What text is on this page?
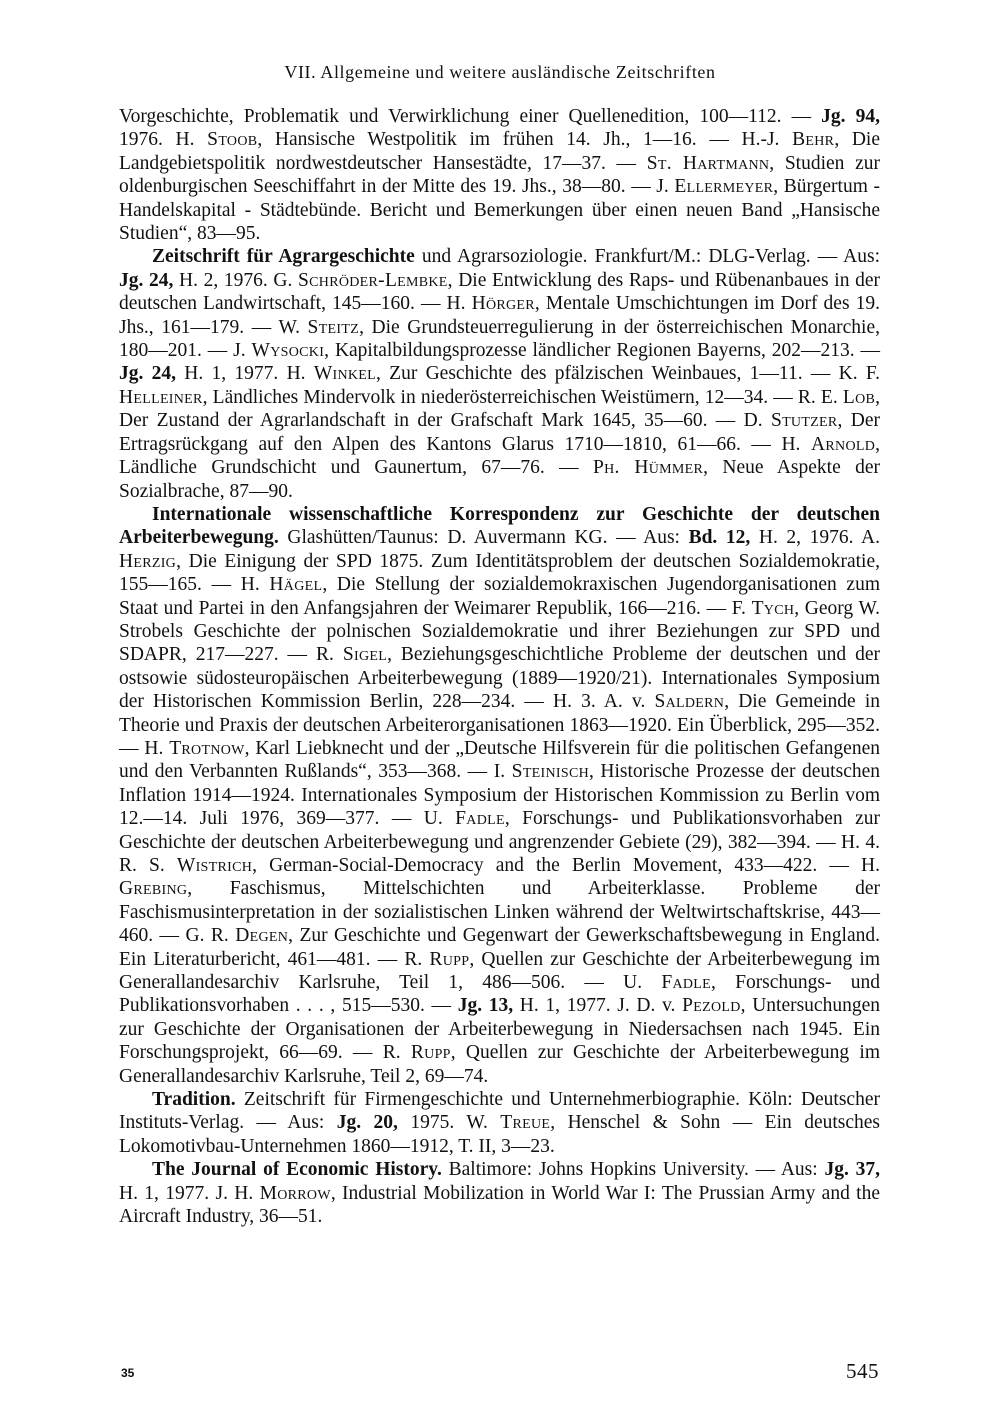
VII. Allgemeine und weitere ausländische Zeitschriften

Vorgeschichte, Problematik und Verwirklichung einer Quellenedition, 100—112. — Jg. 94, 1976. H. Stoob, Hansische Westpolitik im frühen 14. Jh., 1—16. — H.-J. Behr, Die Landgebietspolitik nordwestdeutscher Hansestädte, 17—37. — St. Hartmann, Studien zur oldenburgischen Seeschiffahrt in der Mitte des 19. Jhs., 38—80. — J. Ellermeyer, Bürgertum - Handelskapital - Städtebünde. Bericht und Bemerkungen über einen neuen Band „Hansische Studien“, 83—95.

Zeitschrift für Agrargeschichte und Agrarsoziologie. Frankfurt/M.: DLG-Verlag. — Aus: Jg. 24, H. 2, 1976. G. Schröder-Lembke, Die Entwicklung des Raps- und Rübenanbaues in der deutschen Landwirtschaft, 145—160. — H. Hörger, Mentale Umschichtungen im Dorf des 19. Jhs., 161—179. — W. Steitz, Die Grundsteuerregulierung in der österreichischen Monarchie, 180—201. — J. Wysocki, Kapitalbildungsprozesse ländlicher Regionen Bayerns, 202—213. — Jg. 24, H. 1, 1977. H. Winkel, Zur Geschichte des pfälzischen Weinbaues, 1—11. — K. F. Helleiner, Ländliches Mindervolk in niederösterreichischen Weistümern, 12—34. — R. E. Lob, Der Zustand der Agrarlandschaft in der Grafschaft Mark 1645, 35—60. — D. Stutzer, Der Ertragsrückgang auf den Alpen des Kantons Glarus 1710—1810, 61—66. — H. Arnold, Ländliche Grundschicht und Gaunertum, 67—76. — Ph. Hümmer, Neue Aspekte der Sozialbrache, 87—90.

Internationale wissenschaftliche Korrespondenz zur Geschichte der deutschen Arbeiterbewegung. Glashütten/Taunus: D. Auvermann KG. — Aus: Bd. 12, H. 2, 1976. A. Herzig, Die Einigung der SPD 1875. Zum Identitätsproblem der deutschen Sozialdemokratie, 155—165. — H. Hägel, Die Stellung der sozialdemokraxischen Jugendorganisationen zum Staat und Partei in den Anfangsjahren der Weimarer Republik, 166—216. — F. Tych, Georg W. Strobels Geschichte der polnischen Sozialdemokratie und ihrer Beziehungen zur SPD und SDAPR, 217—227. — R. Sigel, Beziehungsgeschichtliche Probleme der deutschen und der ostsowie südosteuropäischen Arbeiterbewegung (1889—1920/21). Internationales Symposium der Historischen Kommission Berlin, 228—234. — H. 3. A. v. Saldern, Die Gemeinde in Theorie und Praxis der deutschen Arbeiterorganisationen 1863—1920. Ein Überblick, 295—352. — H. Trotnow, Karl Liebknecht und der „Deutsche Hilfsverein für die politischen Gefangenen und den Verbannten Rußlands“, 353—368. — I. Steinisch, Historische Prozesse der deutschen Inflation 1914—1924. Internationales Symposium der Historischen Kommission zu Berlin vom 12.—14. Juli 1976, 369—377. — U. Fadle, Forschungs- und Publikationsvorhaben zur Geschichte der deutschen Arbeiterbewegung und angrenzender Gebiete (29), 382—394. — H. 4. R. S. Wistrich, German-Social-Democracy and the Berlin Movement, 433—422. — H. Grebing, Faschismus, Mittelschichten und Arbeiterklasse. Probleme der Faschismusinterpretation in der sozialistischen Linken während der Weltwirtschaftskrise, 443—460. — G. R. Degen, Zur Geschichte und Gegenwart der Gewerkschaftsbewegung in England. Ein Literaturbericht, 461—481. — R. Rupp, Quellen zur Geschichte der Arbeiterbewegung im Generallandesarchiv Karlsruhe, Teil 1, 486—506. — U. Fadle, Forschungs- und Publikationsvorhaben . . . , 515—530. — Jg. 13, H. 1, 1977. J. D. v. Pezold, Untersuchungen zur Geschichte der Organisationen der Arbeiterbewegung in Niedersachsen nach 1945. Ein Forschungsprojekt, 66—69. — R. Rupp, Quellen zur Geschichte der Arbeiterbewegung im Generallandesarchiv Karlsruhe, Teil 2, 69—74.

Tradition. Zeitschrift für Firmengeschichte und Unternehmerbiographie. Köln: Deutscher Instituts-Verlag. — Aus: Jg. 20, 1975. W. Treue, Henschel & Sohn — Ein deutsches Lokomotivbau-Unternehmen 1860—1912, T. II, 3—23.

The Journal of Economic History. Baltimore: Johns Hopkins University. — Aus: Jg. 37, H. 1, 1977. J. H. Morrow, Industrial Mobilization in World War I: The Prussian Army and the Aircraft Industry, 36—51.

35	545
